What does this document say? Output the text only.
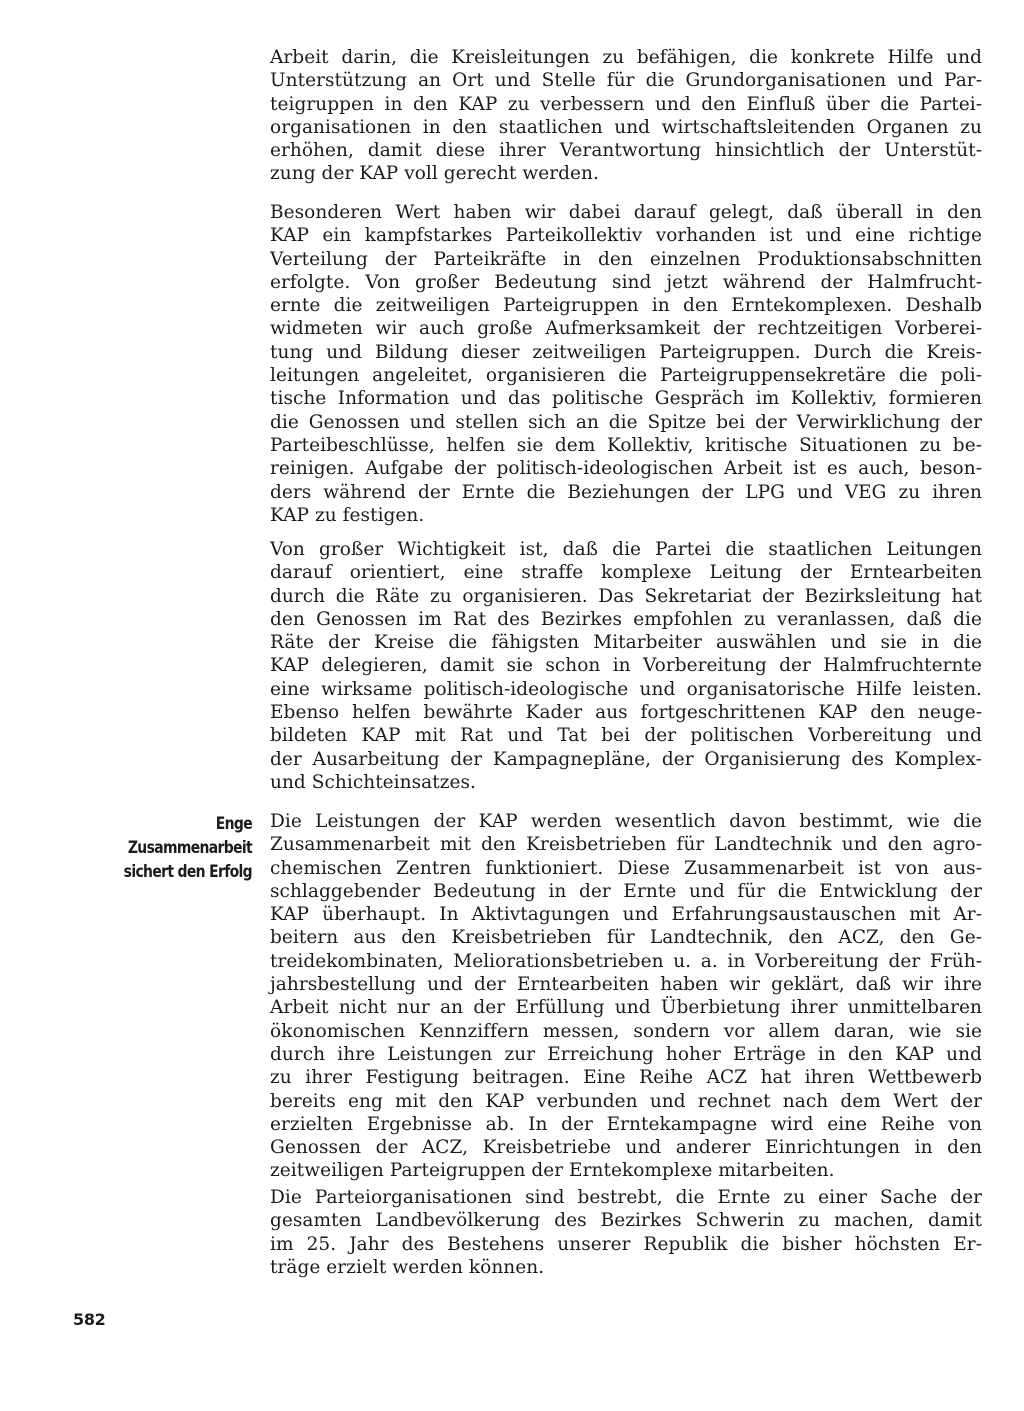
Arbeit darin, die Kreisleitungen zu befähigen, die konkrete Hilfe und
Unterstützung an Ort und Stelle für die Grundorganisationen und Par-
teigruppen in den KAP zu verbessern und den Einfluß über die Partei-
organisationen in den staatlichen und wirtschaftsleitenden Organen zu
erhöhen, damit diese ihrer Verantwortung hinsichtlich der Unterstüt-
zung der KAP voll gerecht werden.

Besonderen Wert haben wir dabei darauf gelegt, daß überall in den
KAP ein kampfstarkes Parteikollektiv vorhanden ist und eine richtige
Verteilung der Parteikräfte in den einzelnen Produktionsabschnitten
erfolgte. Von großer Bedeutung sind jetzt während der Halmfrucht-
ernte die zeitweiligen Parteigruppen in den Erntekomplexen. Deshalb
widmeten wir auch große Aufmerksamkeit der rechtzeitigen Vorberei-
tung und Bildung dieser zeitweiligen Parteigruppen. Durch die Kreis-
leitungen angeleitet, organisieren die Parteigruppensekretäre die poli-
tische Information und das politische Gespräch im Kollektiv, formieren
die Genossen und stellen sich an die Spitze bei der Verwirklichung der
Parteibeschlüsse, helfen sie dem Kollektiv, kritische Situationen zu be-
reinigen. Aufgabe der politisch-ideologischen Arbeit ist es auch, beson-
ders während der Ernte die Beziehungen der LPG und VEG zu ihren
KAP zu festigen.

Von großer Wichtigkeit ist, daß die Partei die staatlichen Leitungen
darauf orientiert, eine straffe komplexe Leitung der Erntearbeiten
durch die Räte zu organisieren. Das Sekretariat der Bezirksleitung hat
den Genossen im Rat des Bezirkes empfohlen zu veranlassen, daß die
Räte der Kreise die fähigsten Mitarbeiter auswählen und sie in die
KAP delegieren, damit sie schon in Vorbereitung der Halmfruchternte
eine wirksame politisch-ideologische und organisatorische Hilfe leisten.
Ebenso helfen bewährte Kader aus fortgeschrittenen KAP den neuge-
bildeten KAP mit Rat und Tat bei der politischen Vorbereitung und
der Ausarbeitung der Kampagnepläne, der Organisierung des Komplex-
und Schichteinsatzes.

Enge Zusammenarbeit
sichert den Erfolg

Die Leistungen der KAP werden wesentlich davon bestimmt, wie die
Zusammenarbeit mit den Kreisbetrieben für Landtechnik und den agro-
chemischen Zentren funktioniert. Diese Zusammenarbeit ist von aus-
schlaggebender Bedeutung in der Ernte und für die Entwicklung der
KAP überhaupt. In Aktivtagungen und Erfahrungsaustauschen mit Ar-
beitern aus den Kreisbetrieben für Landtechnik, den ACZ, den Ge-
treidekombinaten, Meliorationsbetrieben u. a. in Vorbereitung der Früh-
jahrsbestellung und der Erntearbeiten haben wir geklärt, daß wir ihre
Arbeit nicht nur an der Erfüllung und Überbietung ihrer unmittelbaren
ökonomischen Kennziffern messen, sondern vor allem daran, wie sie
durch ihre Leistungen zur Erreichung hoher Erträge in den KAP und
zu ihrer Festigung beitragen. Eine Reihe ACZ hat ihren Wettbewerb
bereits eng mit den KAP verbunden und rechnet nach dem Wert der
erzielten Ergebnisse ab. In der Erntekampagne wird eine Reihe von
Genossen der ACZ, Kreisbetriebe und anderer Einrichtungen in den
zeitweiligen Parteigruppen der Erntekomplexe mitarbeiten.

Die Parteiorganisationen sind bestrebt, die Ernte zu einer Sache der
gesamten Landbevölkerung des Bezirkes Schwerin zu machen, damit
im 25. Jahr des Bestehens unserer Republik die bisher höchsten Er-
träge erzielt werden können.

582
